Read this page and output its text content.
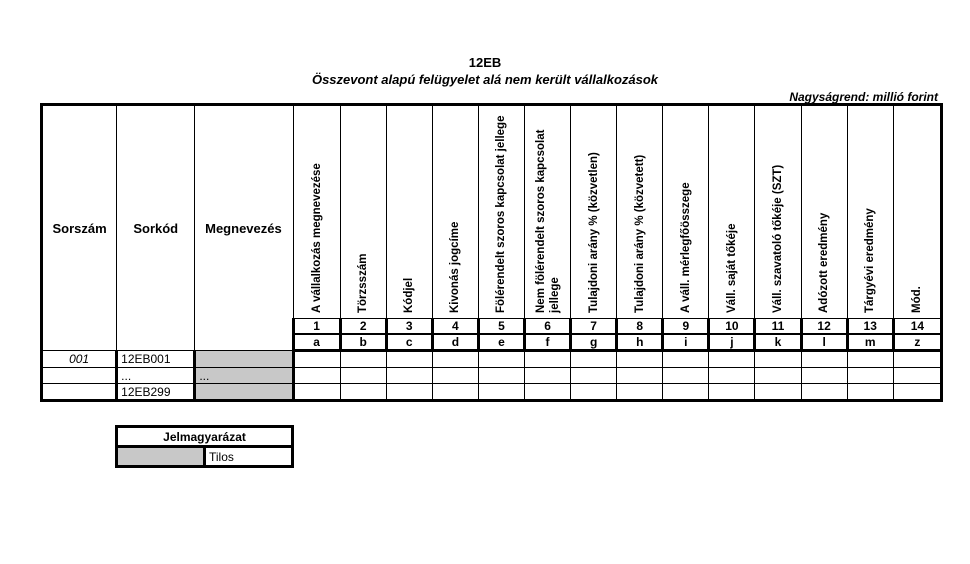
12EB
Összevont alapú felügyelet alá nem került vállalkozások
Nagyságrend: millió forint
Sorszám	Sorkód	Megnevezés	A vállalkozás megnevezése	Törzsszám	Kódjel	Kivonás jogcíme	Fölérendelt szoros kapcsolat jellege	Nem fölérendelt szoros kapcsolat jellege	Tulajdoni arány % (közvetlen)	Tulajdoni arány % (közvetett)	A váll. mérlegfőösszege	Váll. saját tőkéje	Váll. szavatoló tőkéje (SZT)	Adózott eredmény	Tárgyévi eredmény	Mód.
			1	2	3	4	5	6	7	8	9	10	11	12	13	14
			a	b	c	d	e	f	g	h	i	j	k	l	m	z
001	12EB001															
	...	...														
	12EB299															
Jelmagyarázat
	Tilos
